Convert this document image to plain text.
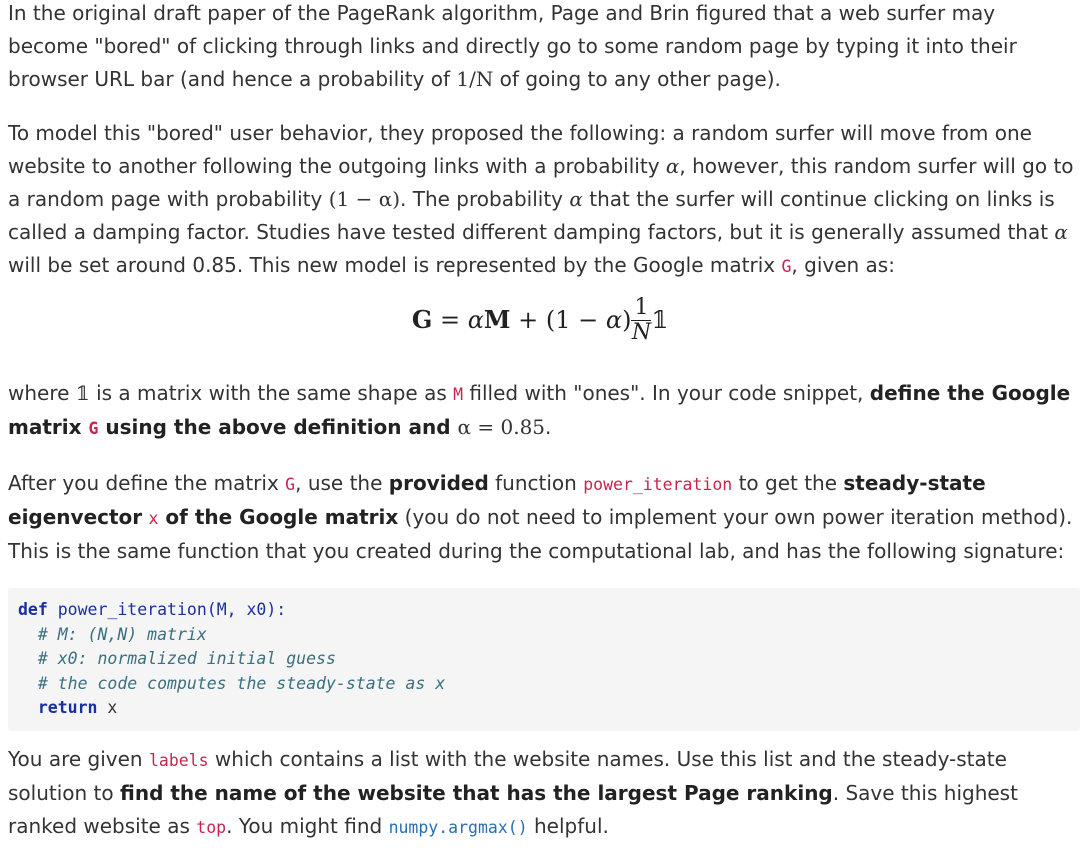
In the original draft paper of the PageRank algorithm, Page and Brin figured that a web surfer may become "bored" of clicking through links and directly go to some random page by typing it into their browser URL bar (and hence a probability of 1/N of going to any other page).

To model this "bored" user behavior, they proposed the following: a random surfer will move from one website to another following the outgoing links with a probability α, however, this random surfer will go to a random page with probability (1 − α). The probability α that the surfer will continue clicking on links is called a damping factor. Studies have tested different damping factors, but it is generally assumed that α will be set around 0.85. This new model is represented by the Google matrix G, given as:

$G = \alpha M + (1 - \alpha) \frac{1}{N}$ 𝟙

where 𝟙 is a matrix with the same shape as M filled with "ones". In your code snippet, define the Google matrix G using the above definition and α = 0.85.

After you define the matrix G, use the provided function power_iteration to get the steady-state eigenvector x of the Google matrix (you do not need to implement your own power iteration method). This is the same function that you created during the computational lab, and has the following signature:

def power_iteration(M, x0):
# M: (N,N) matrix
# x0: normalized initial guess
# the code computes the steady-state as x
return x

You are given labels which contains a list with the website names. Use this list and the steady-state solution to find the name of the website that has the largest Page ranking. Save this highest ranked website as top. You might find numpy.argmax() helpful.
